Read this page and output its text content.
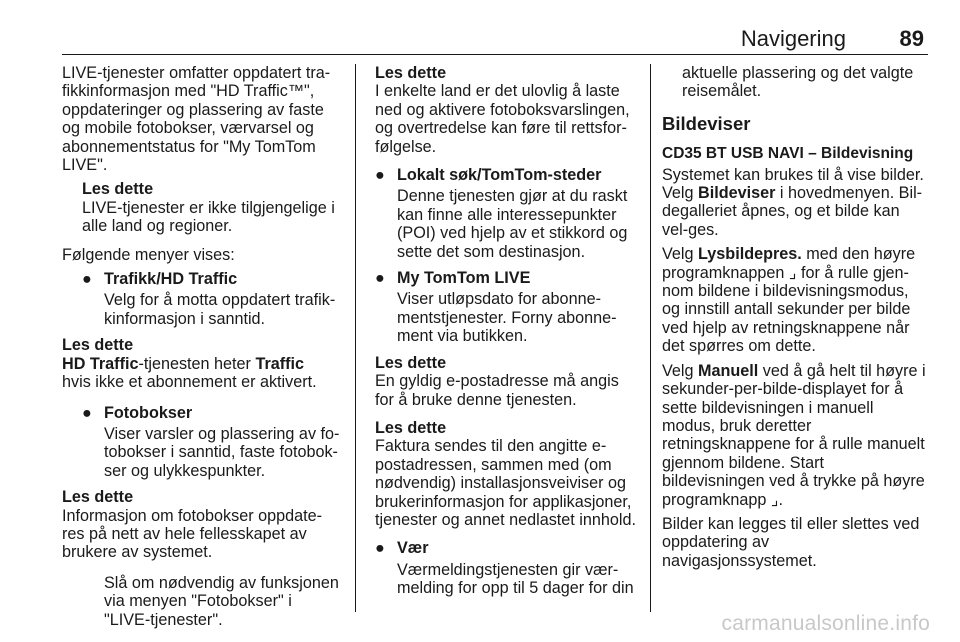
Navigering 89

LIVE-tjenester omfatter oppdatert tra-fikkinformasjon med "HD Traffic™", oppdateringer og plassering av faste og mobile fotobokser, værvarsel og abonnementstatus for "My TomTom LIVE".

Les dette
LIVE-tjenester er ikke tilgjengelige i alle land og regioner.

Følgende menyer vises:

● Trafikk/HD Traffic
Velg for å motta oppdatert trafik-kinformasjon i sanntid.
Les dette
HD Traffic-tjenesten heter Traffic
hvis ikke et abonnement er aktivert.
● Fotobokser
Viser varsler og plassering av fo-tobokser i sanntid, faste fotobok-ser og ulykkespunkter.
Les dette
Informasjon om fotobokser oppdate-res på nett av hele fellesskapet av brukere av systemet.
Slå om nødvendig av funksjonen via menyen "Fotobokser" i "LIVE-tjenester".
Les dette
I enkelte land er det ulovlig å laste ned og aktivere fotoboksvarslingen, og overtredelse kan føre til rettsfor-følgelse.
● Lokalt søk/TomTom-steder
Denne tjenesten gjør at du raskt kan finne alle interessepunkter (POI) ved hjelp av et stikkord og sette det som destinasjon.
● My TomTom LIVE
Viser utløpsdato for abonne-mentstjenester. Forny abonne-ment via butikken.
Les dette
En gyldig e-postadresse må angis for å bruke denne tjenesten.
Les dette
Faktura sendes til den angitte e-postadressen, sammen med (om nødvendig) installasjonsveiviser og brukerinformasjon for applikasjoner, tjenester og annet nedlastet innhold.
● Vær
Værmeldingstjenesten gir vær-melding for opp til 5 dager for din
aktuelle plassering og det valgte reisemålet.
Bildeviser
CD35 BT USB NAVI – Bildevisning

Systemet kan brukes til å vise bilder. Velg Bildeviser i hovedmenyen. Bil-degalleriet åpnes, og et bilde kan vel-ges.

Velg Lysbildepres. med den høyre programknappen ⌟ for å rulle gjen-nom bildene i bildevisningsmodus, og innstill antall sekunder per bilde ved hjelp av retningsknappene når det spørres om dette.

Velg Manuell ved å gå helt til høyre i sekunder-per-bilde-displayet for å sette bildevisningen i manuell modus, bruk deretter retningsknappene for å rulle manuelt gjennom bildene. Start bildevisningen ved å trykke på høyre programknapp ⌟.

Bilder kan legges til eller slettes ved oppdatering av navigasjonssystemet.

carmanualsonline.info
